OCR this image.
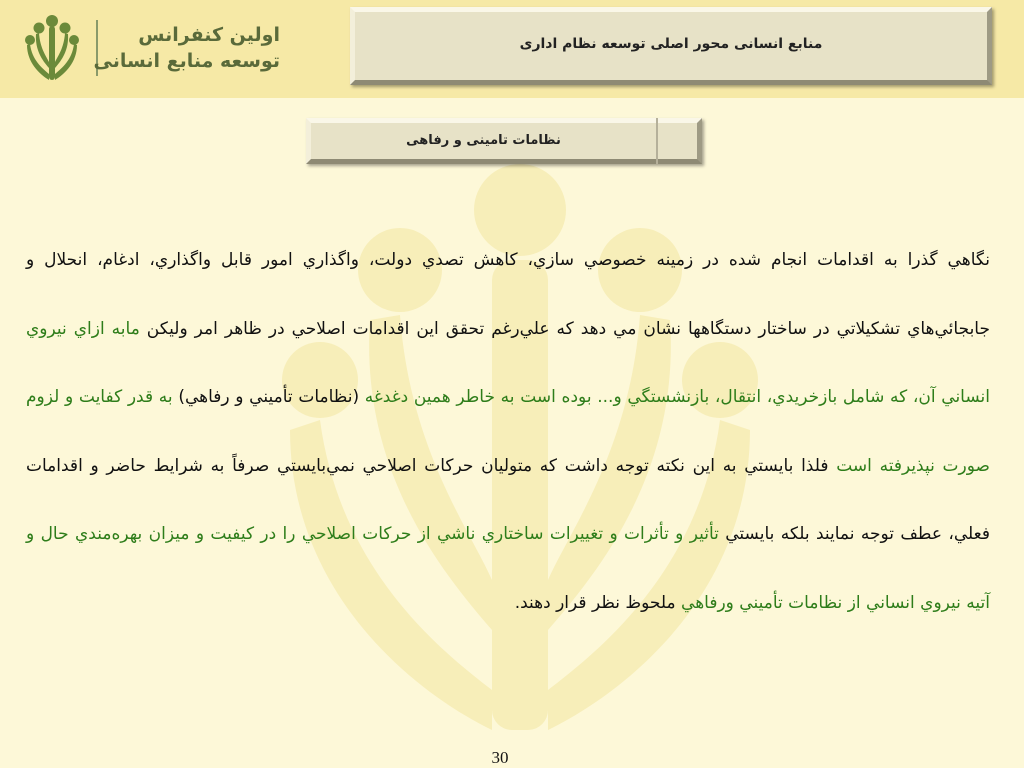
اولین کنفرانس
توسعه منابع انسانی
منابع انسانی محور اصلی توسعه نظام اداری
نظامات تامینی و رفاهی

نگاهي گذرا به اقدامات انجام شده در زمينه خصوصي سازي، كاهش تصدي دولت، واگذاري امور قابل واگذاري، ادغام، انحلال و جابجائي‌هاي تشكيلاتي در ساختار دستگاهها نشان مي دهد كه علي‌رغم تحقق اين اقدامات اصلاحي در ظاهر امر وليكن مابه ازاي نيروي انساني آن، كه شامل بازخريدي، انتقال، بازنشستگي و... بوده است به خاطر همين دغدغه (نظامات تأميني و رفاهي) به قدر كفايت و لزوم صورت نپذيرفته است فلذا بايستي به اين نكته توجه داشت كه متوليان حركات اصلاحي نمي‌بايستي صرفاً به شرايط حاضر و اقدامات فعلي، عطف توجه نمايند بلكه بايستي تأثير و تأثرات و تغييرات ساختاري ناشي از حركات اصلاحي را در كيفيت و ميزان بهره‌مندي حال و آتيه نيروي انساني از نظامات تأميني ورفاهي ملحوظ نظر قرار دهند.

30
